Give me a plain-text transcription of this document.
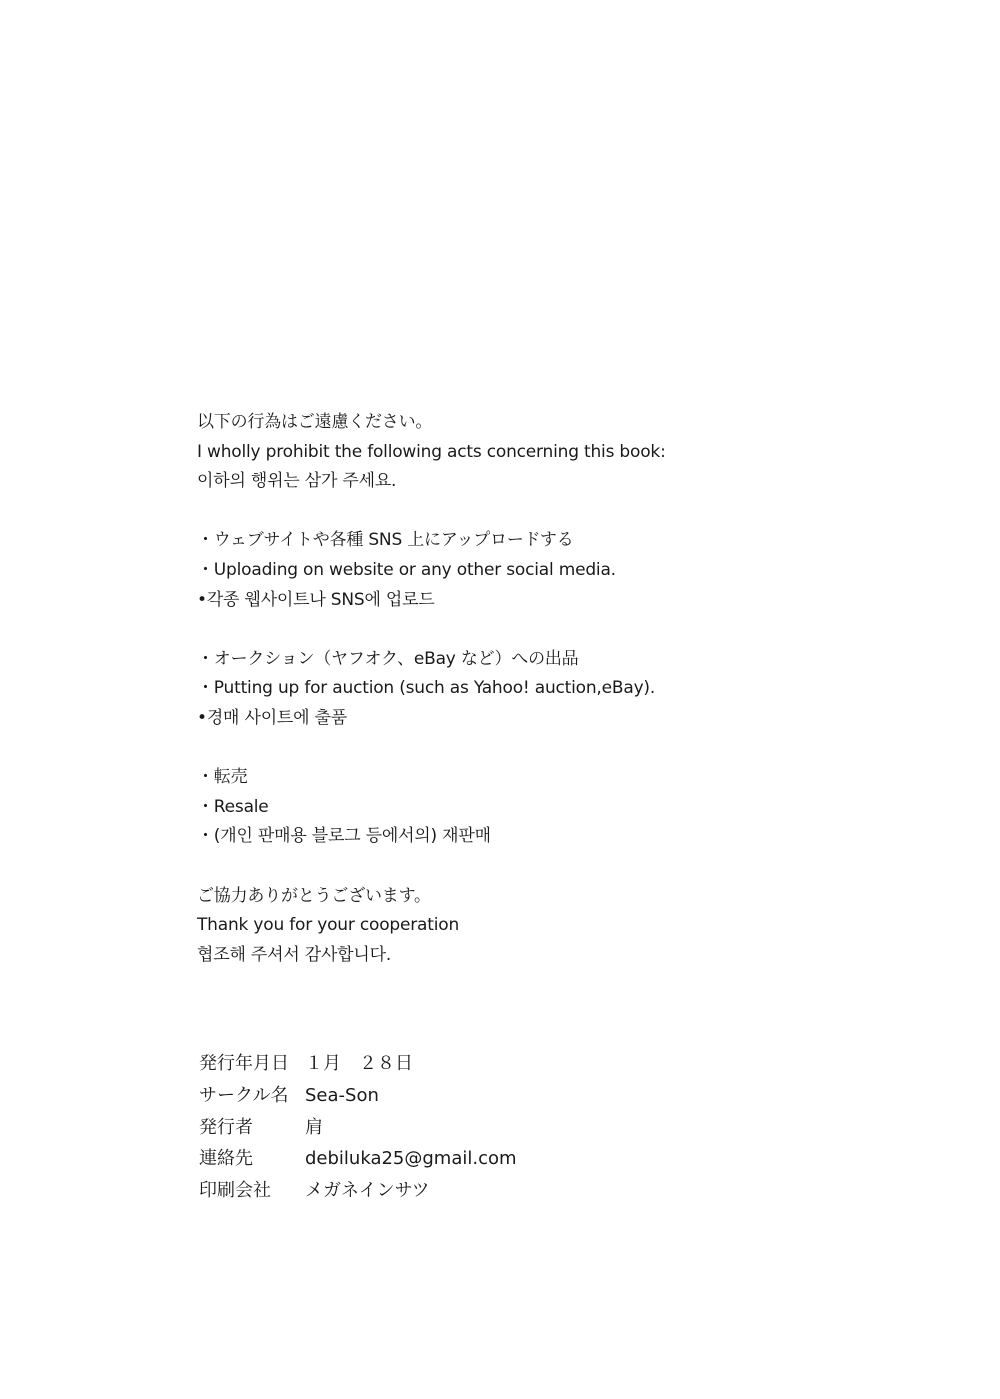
以下の行為はご遠慮ください。
I wholly prohibit the following acts concerning this book:
이하의 행위는 삼가 주세요.
・ウェブサイトや各種 SNS 上にアップロードする
・Uploading on website or any other social media.
•각종 웹사이트나 SNS에 업로드
・オークション（ヤフオク、eBay など）への出品
・Putting up for auction (such as Yahoo! auction,eBay).
•경매 사이트에 출품
・転売
・Resale
・(개인 판매용 블로그 등에서의) 재판매
ご協力ありがとうございます。
Thank you for your cooperation
협조해 주셔서 감사합니다.
発行年月日 １月　２８日
サークル名 Sea-Son
発行者	肩
連絡先	debiluka25@gmail.com
印刷会社	メガネインサツ
